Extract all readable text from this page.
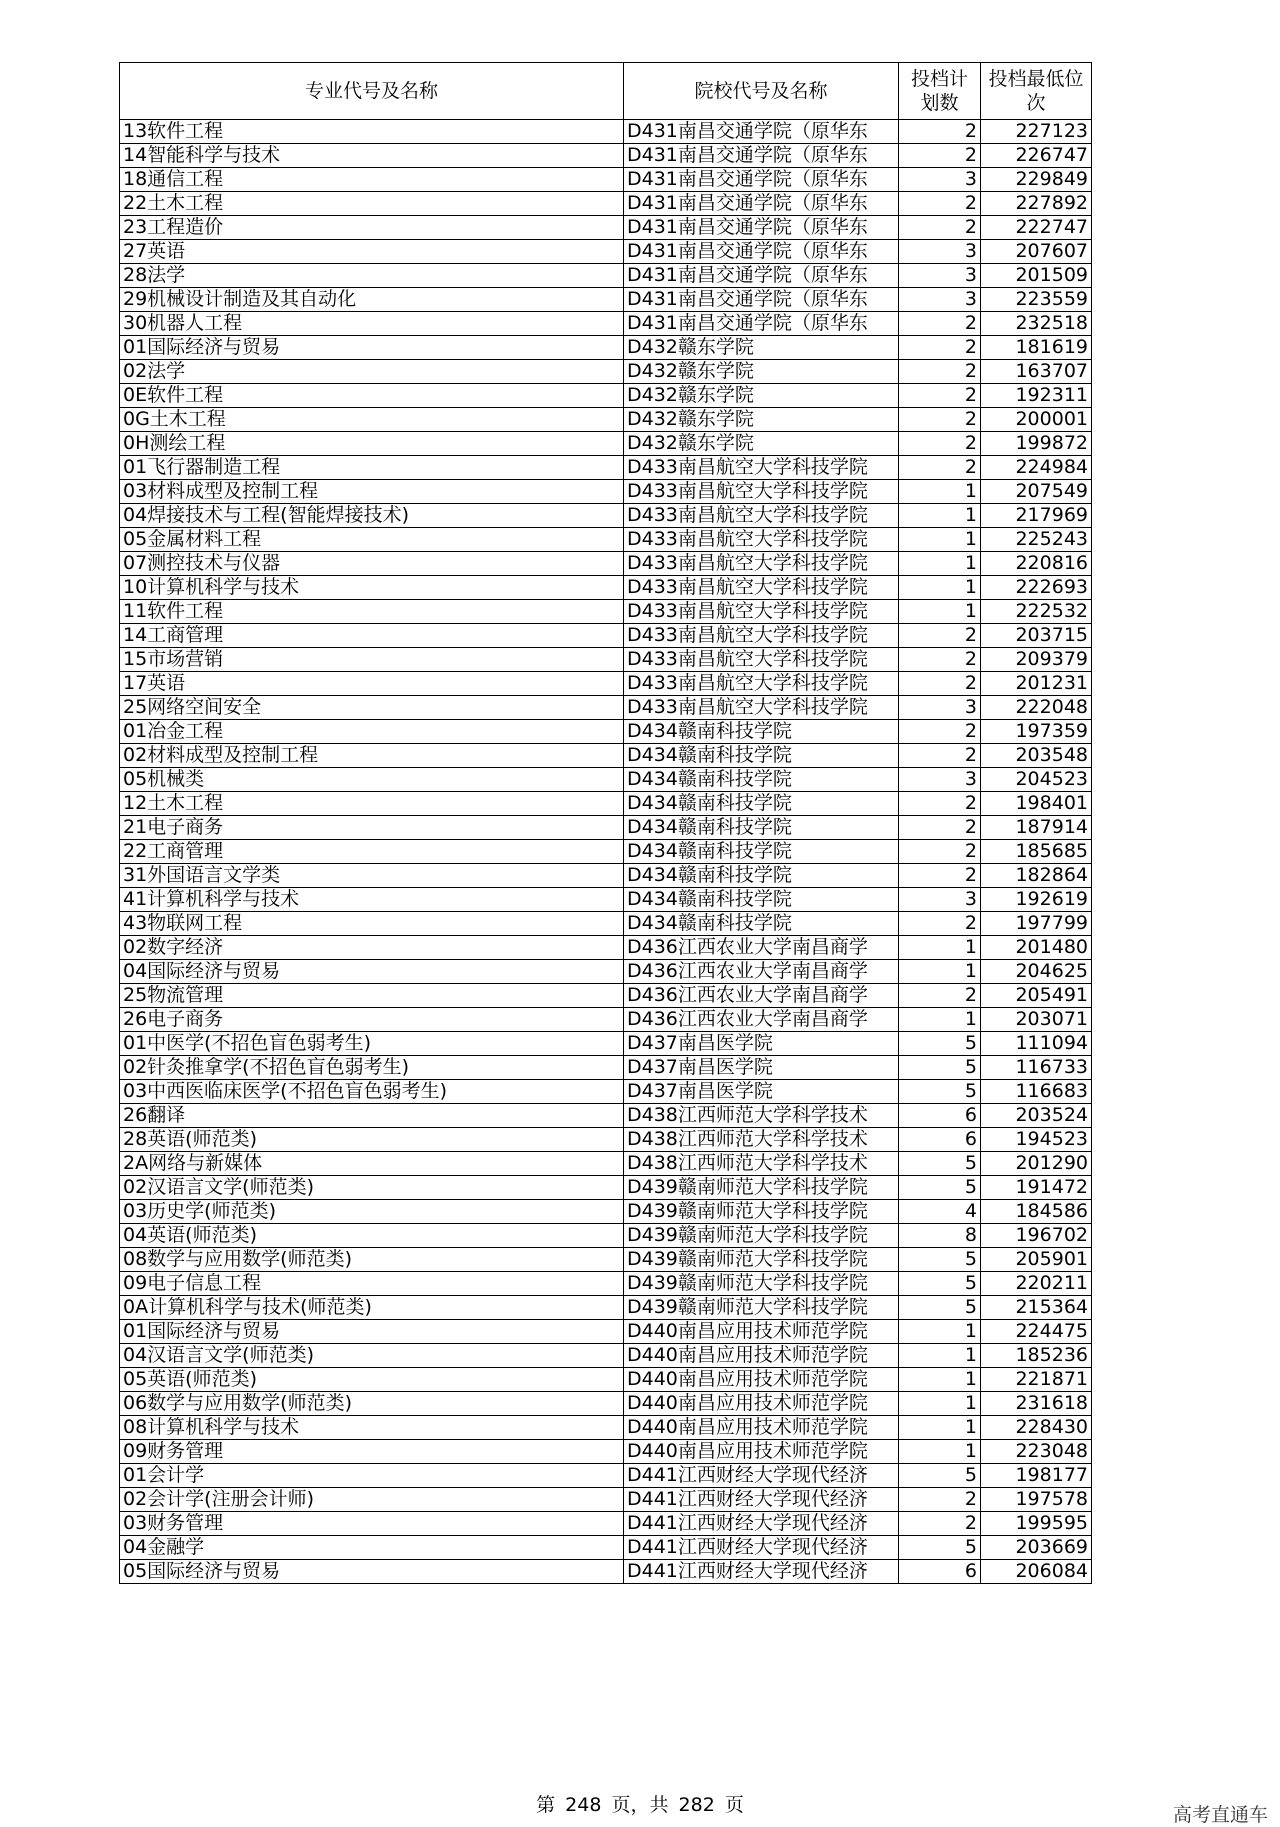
专业代号及名称	院校代号及名称	投档计划数	投档最低位次
13软件工程	D431南昌交通学院（原华东	2	227123
14智能科学与技术	D431南昌交通学院（原华东	2	226747
18通信工程	D431南昌交通学院（原华东	3	229849
22土木工程	D431南昌交通学院（原华东	2	227892
23工程造价	D431南昌交通学院（原华东	2	222747
27英语	D431南昌交通学院（原华东	3	207607
28法学	D431南昌交通学院（原华东	3	201509
29机械设计制造及其自动化	D431南昌交通学院（原华东	3	223559
30机器人工程	D431南昌交通学院（原华东	2	232518
01国际经济与贸易	D432赣东学院	2	181619
02法学	D432赣东学院	2	163707
0E软件工程	D432赣东学院	2	192311
0G土木工程	D432赣东学院	2	200001
0H测绘工程	D432赣东学院	2	199872
01飞行器制造工程	D433南昌航空大学科技学院	2	224984
03材料成型及控制工程	D433南昌航空大学科技学院	1	207549
04焊接技术与工程(智能焊接技术)	D433南昌航空大学科技学院	1	217969
05金属材料工程	D433南昌航空大学科技学院	1	225243
07测控技术与仪器	D433南昌航空大学科技学院	1	220816
10计算机科学与技术	D433南昌航空大学科技学院	1	222693
11软件工程	D433南昌航空大学科技学院	1	222532
14工商管理	D433南昌航空大学科技学院	2	203715
15市场营销	D433南昌航空大学科技学院	2	209379
17英语	D433南昌航空大学科技学院	2	201231
25网络空间安全	D433南昌航空大学科技学院	3	222048
01冶金工程	D434赣南科技学院	2	197359
02材料成型及控制工程	D434赣南科技学院	2	203548
05机械类	D434赣南科技学院	3	204523
12土木工程	D434赣南科技学院	2	198401
21电子商务	D434赣南科技学院	2	187914
22工商管理	D434赣南科技学院	2	185685
31外国语言文学类	D434赣南科技学院	2	182864
41计算机科学与技术	D434赣南科技学院	3	192619
43物联网工程	D434赣南科技学院	2	197799
02数字经济	D436江西农业大学南昌商学	1	201480
04国际经济与贸易	D436江西农业大学南昌商学	1	204625
25物流管理	D436江西农业大学南昌商学	2	205491
26电子商务	D436江西农业大学南昌商学	1	203071
01中医学(不招色盲色弱考生)	D437南昌医学院	5	111094
02针灸推拿学(不招色盲色弱考生)	D437南昌医学院	5	116733
03中西医临床医学(不招色盲色弱考生)	D437南昌医学院	5	116683
26翻译	D438江西师范大学科学技术	6	203524
28英语(师范类)	D438江西师范大学科学技术	6	194523
2A网络与新媒体	D438江西师范大学科学技术	5	201290
02汉语言文学(师范类)	D439赣南师范大学科技学院	5	191472
03历史学(师范类)	D439赣南师范大学科技学院	4	184586
04英语(师范类)	D439赣南师范大学科技学院	8	196702
08数学与应用数学(师范类)	D439赣南师范大学科技学院	5	205901
09电子信息工程	D439赣南师范大学科技学院	5	220211
0A计算机科学与技术(师范类)	D439赣南师范大学科技学院	5	215364
01国际经济与贸易	D440南昌应用技术师范学院	1	224475
04汉语言文学(师范类)	D440南昌应用技术师范学院	1	185236
05英语(师范类)	D440南昌应用技术师范学院	1	221871
06数学与应用数学(师范类)	D440南昌应用技术师范学院	1	231618
08计算机科学与技术	D440南昌应用技术师范学院	1	228430
09财务管理	D440南昌应用技术师范学院	1	223048
01会计学	D441江西财经大学现代经济	5	198177
02会计学(注册会计师)	D441江西财经大学现代经济	2	197578
03财务管理	D441江西财经大学现代经济	2	199595
04金融学	D441江西财经大学现代经济	5	203669
05国际经济与贸易	D441江西财经大学现代经济	6	206084
第 248 页，共 282 页	高考直通车
